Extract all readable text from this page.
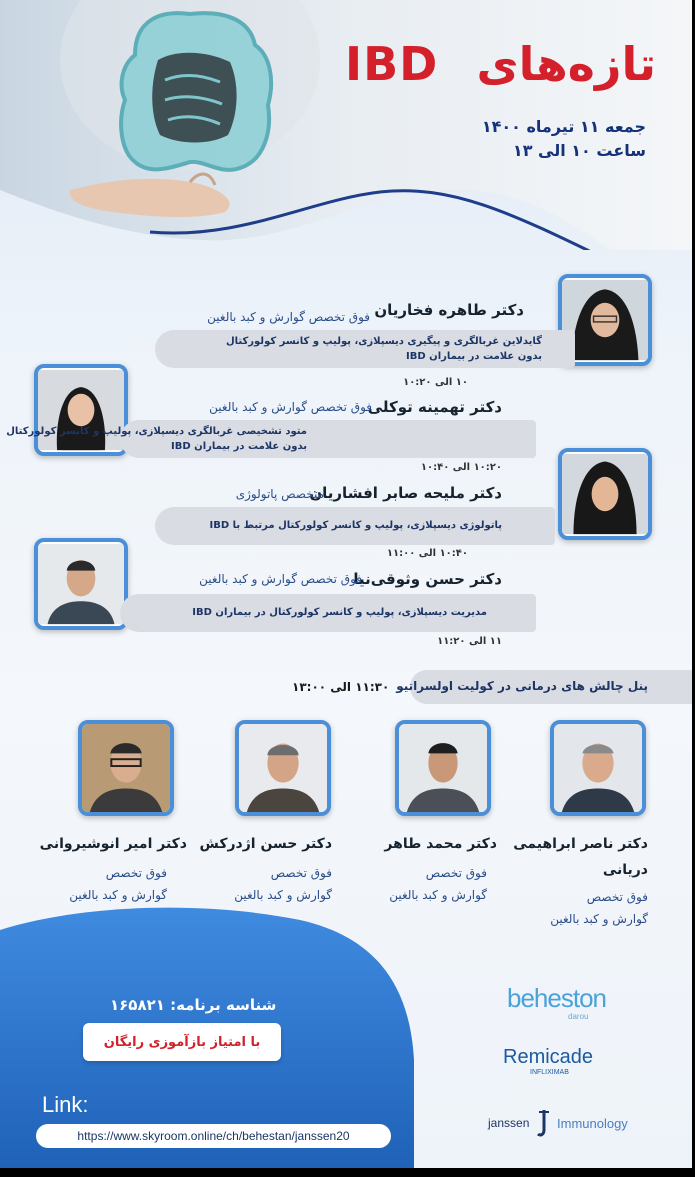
تازه‌های
IBD
جمعه ۱۱ تیرماه ۱۴۰۰
ساعت ۱۰ الی ۱۳
دکتر طاهره فخاریان
فوق تخصص گوارش و کبد بالغین
گایدلاین غربالگری و پیگیری دیسپلازی، پولیپ و کانسر کولورکتال
بدون علامت در بیماران IBD
۱۰ الی ۱۰:۲۰
دکتر تهمینه توکلی
فوق تخصص گوارش و کبد بالغین
متود تشخیصی غربالگری دیسپلازی، پولیپ و کانسر کولورکتال
بدون علامت در بیماران IBD
۱۰:۲۰ الی ۱۰:۴۰
دکتر ملیحه صابر افشاریان
متخصص پاتولوژی
پاتولوژی دیسپلازی، پولیپ و کانسر کولورکتال مرتبط با IBD
۱۰:۴۰ الی ۱۱:۰۰
دکتر حسن وثوقی‌نیا
فوق تخصص گوارش و کبد بالغین
مدیریت دیسپلازی، پولیپ و کانسر کولورکتال در بیماران IBD
۱۱ الی ۱۱:۲۰
پنل چالش های درمانی در کولیت اولسراتیو
۱۱:۳۰ الی ۱۳:۰۰
دکتر ناصر ابراهیمی
دریانی
فوق تخصص
گوارش و کبد بالغین
دکتر محمد طاهر
فوق تخصص
گوارش و کبد بالغین
دکتر حسن اژدرکش
فوق تخصص
گوارش و کبد بالغین
دکتر امیر انوشیروانی
فوق تخصص
گوارش و کبد بالغین
شناسه برنامه: ۱۶۵۸۲۱
با امتیاز بازآموزی رایگان
Link:
https://www.skyroom.online/ch/behestan/janssen20
beheston
darou
Remicade
INFLIXIMAB
janssen Immunology
